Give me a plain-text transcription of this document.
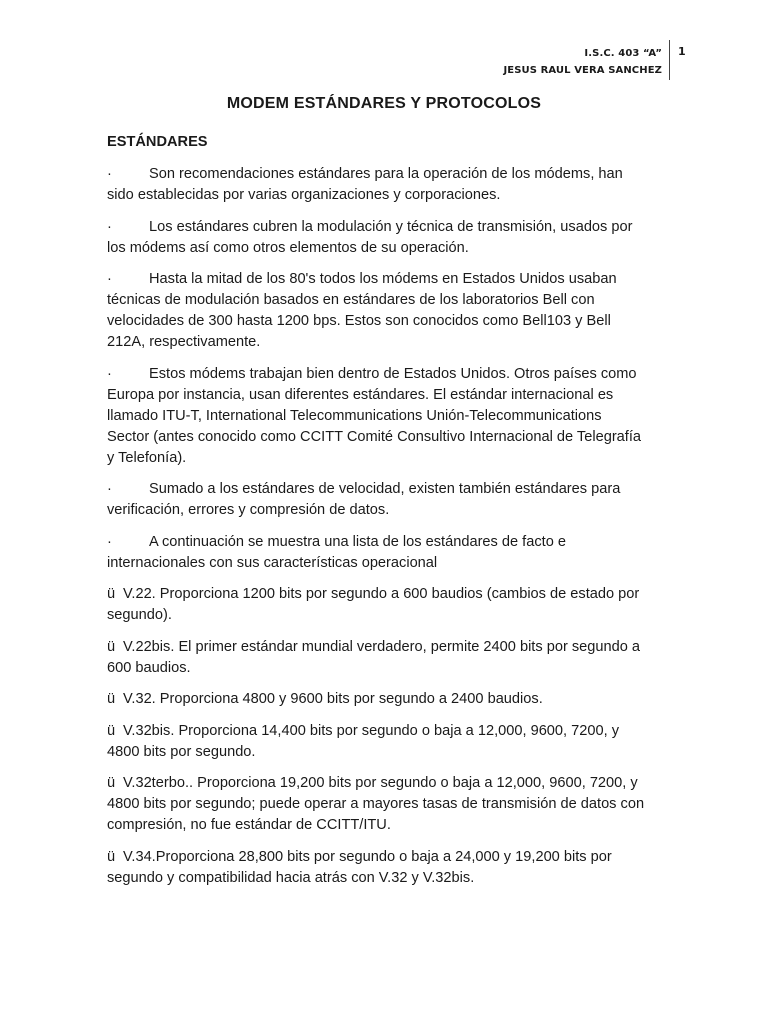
I.S.C. 403 “A”
JESUS RAUL VERA SANCHEZ
1
MODEM ESTÁNDARES Y PROTOCOLOS
ESTÁNDARES

·	Son recomendaciones estándares para la operación de los módems, han sido establecidas por varias organizaciones y corporaciones.

·	Los estándares cubren la modulación y técnica de transmisión, usados por los módems así como otros elementos de su operación.

·	Hasta la mitad de los 80's todos los módems en Estados Unidos usaban técnicas de modulación basados en estándares de los laboratorios Bell con velocidades de 300 hasta 1200 bps. Estos son conocidos como Bell103 y Bell 212A, respectivamente.

·	Estos módems trabajan bien dentro de Estados Unidos. Otros países como Europa por instancia, usan diferentes estándares. El estándar internacional es llamado ITU-T, International Telecommunications Unión-Telecommunications Sector (antes conocido como CCITT Comité Consultivo Internacional de Telegrafía y Telefonía).

·	Sumado a los estándares de velocidad, existen también estándares para verificación, errores y compresión de datos.

·	A continuación se muestra una lista de los estándares de facto e internacionales con sus características operacional

ü V.22. Proporciona 1200 bits por segundo a 600 baudios (cambios de estado por segundo).

ü V.22bis. El primer estándar mundial verdadero, permite 2400 bits por segundo a 600 baudios.

ü V.32. Proporciona 4800 y 9600 bits por segundo a 2400 baudios.

ü V.32bis. Proporciona 14,400 bits por segundo o baja a 12,000, 9600, 7200, y 4800 bits por segundo.

ü V.32terbo.. Proporciona 19,200 bits por segundo o baja a 12,000, 9600, 7200, y 4800 bits por segundo; puede operar a mayores tasas de transmisión de datos con compresión, no fue estándar de CCITT/ITU.

ü V.34.Proporciona 28,800 bits por segundo o baja a 24,000 y 19,200 bits por segundo y compatibilidad hacia atrás con V.32 y V.32bis.
